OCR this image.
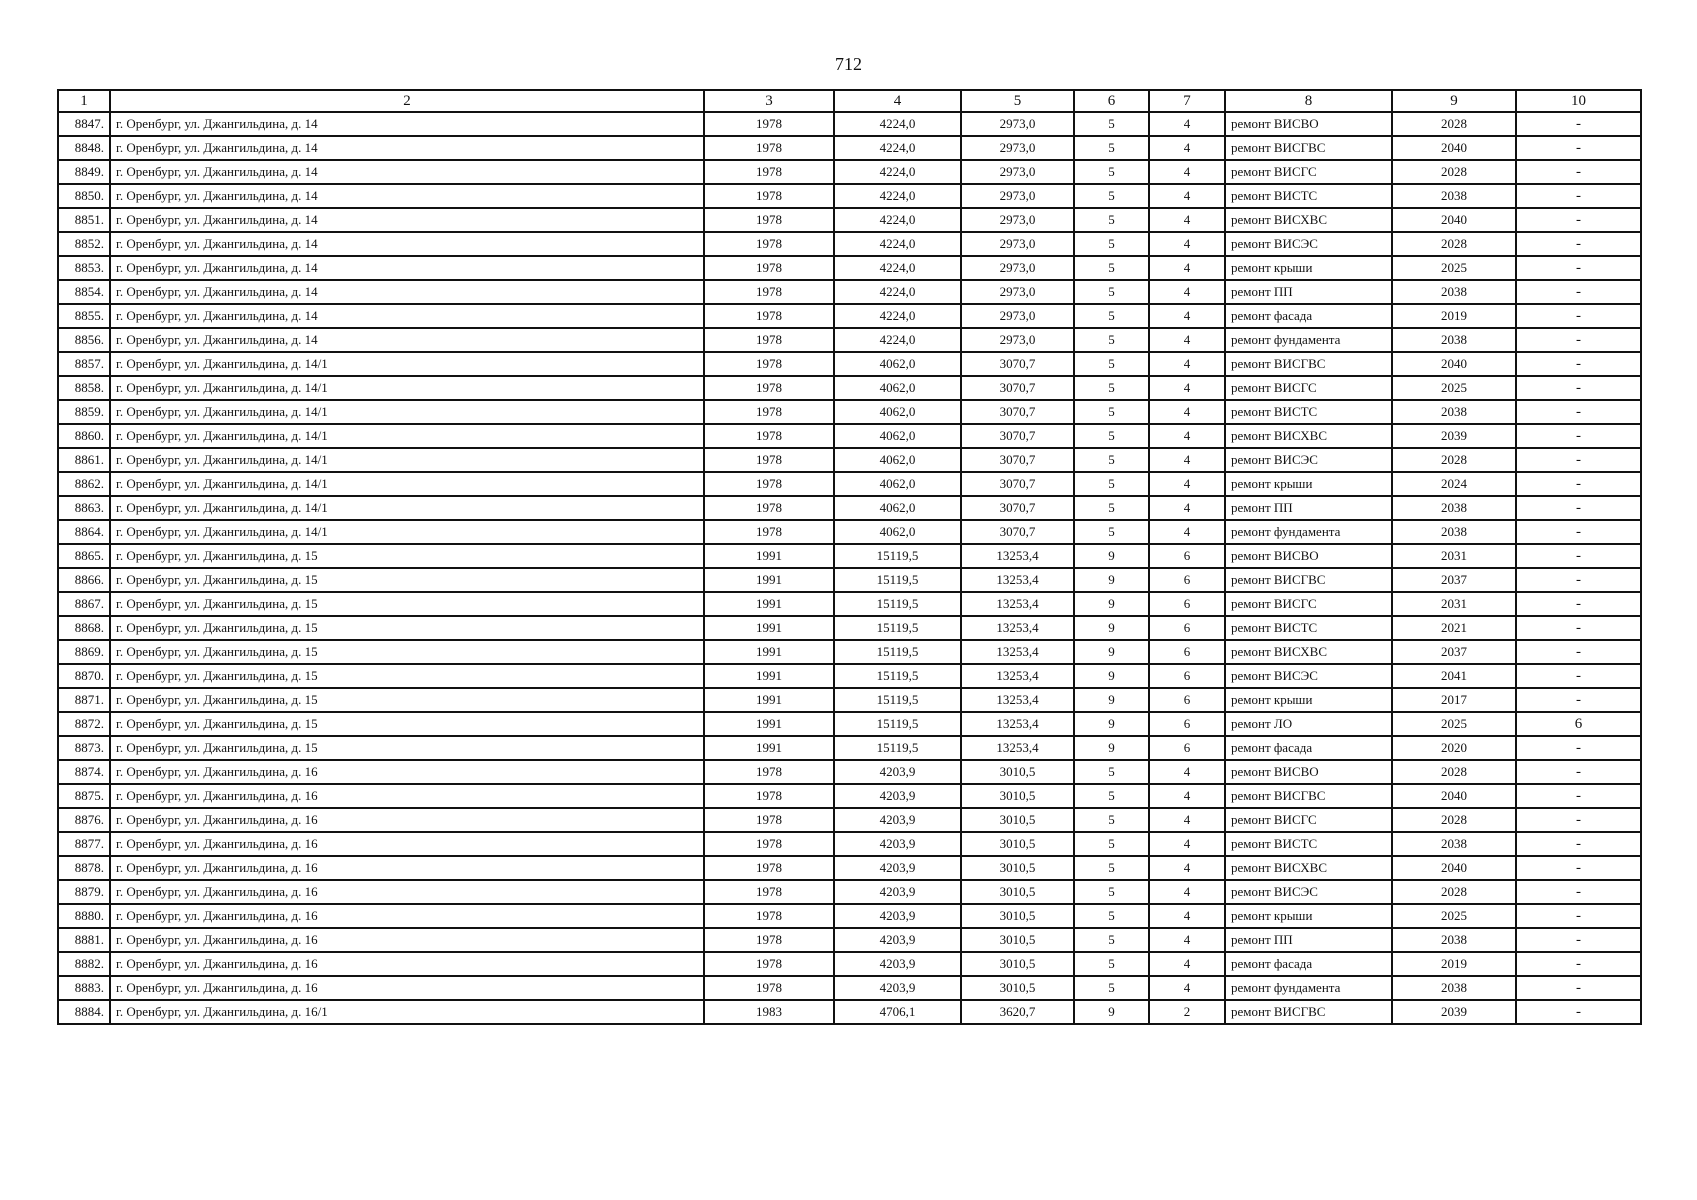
712
1	2	3	4	5	6	7	8	9	10
8847.	г. Оренбург, ул. Джангильдина, д. 14	1978	4224,0	2973,0	5	4	ремонт ВИСВО	2028	-
8848.	г. Оренбург, ул. Джангильдина, д. 14	1978	4224,0	2973,0	5	4	ремонт ВИСГВС	2040	-
8849.	г. Оренбург, ул. Джангильдина, д. 14	1978	4224,0	2973,0	5	4	ремонт ВИСГС	2028	-
8850.	г. Оренбург, ул. Джангильдина, д. 14	1978	4224,0	2973,0	5	4	ремонт ВИСТС	2038	-
8851.	г. Оренбург, ул. Джангильдина, д. 14	1978	4224,0	2973,0	5	4	ремонт ВИСХВС	2040	-
8852.	г. Оренбург, ул. Джангильдина, д. 14	1978	4224,0	2973,0	5	4	ремонт ВИСЭС	2028	-
8853.	г. Оренбург, ул. Джангильдина, д. 14	1978	4224,0	2973,0	5	4	ремонт крыши	2025	-
8854.	г. Оренбург, ул. Джангильдина, д. 14	1978	4224,0	2973,0	5	4	ремонт ПП	2038	-
8855.	г. Оренбург, ул. Джангильдина, д. 14	1978	4224,0	2973,0	5	4	ремонт фасада	2019	-
8856.	г. Оренбург, ул. Джангильдина, д. 14	1978	4224,0	2973,0	5	4	ремонт фундамента	2038	-
8857.	г. Оренбург, ул. Джангильдина, д. 14/1	1978	4062,0	3070,7	5	4	ремонт ВИСГВС	2040	-
8858.	г. Оренбург, ул. Джангильдина, д. 14/1	1978	4062,0	3070,7	5	4	ремонт ВИСГС	2025	-
8859.	г. Оренбург, ул. Джангильдина, д. 14/1	1978	4062,0	3070,7	5	4	ремонт ВИСТС	2038	-
8860.	г. Оренбург, ул. Джангильдина, д. 14/1	1978	4062,0	3070,7	5	4	ремонт ВИСХВС	2039	-
8861.	г. Оренбург, ул. Джангильдина, д. 14/1	1978	4062,0	3070,7	5	4	ремонт ВИСЭС	2028	-
8862.	г. Оренбург, ул. Джангильдина, д. 14/1	1978	4062,0	3070,7	5	4	ремонт крыши	2024	-
8863.	г. Оренбург, ул. Джангильдина, д. 14/1	1978	4062,0	3070,7	5	4	ремонт ПП	2038	-
8864.	г. Оренбург, ул. Джангильдина, д. 14/1	1978	4062,0	3070,7	5	4	ремонт фундамента	2038	-
8865.	г. Оренбург, ул. Джангильдина, д. 15	1991	15119,5	13253,4	9	6	ремонт ВИСВО	2031	-
8866.	г. Оренбург, ул. Джангильдина, д. 15	1991	15119,5	13253,4	9	6	ремонт ВИСГВС	2037	-
8867.	г. Оренбург, ул. Джангильдина, д. 15	1991	15119,5	13253,4	9	6	ремонт ВИСГС	2031	-
8868.	г. Оренбург, ул. Джангильдина, д. 15	1991	15119,5	13253,4	9	6	ремонт ВИСТС	2021	-
8869.	г. Оренбург, ул. Джангильдина, д. 15	1991	15119,5	13253,4	9	6	ремонт ВИСХВС	2037	-
8870.	г. Оренбург, ул. Джангильдина, д. 15	1991	15119,5	13253,4	9	6	ремонт ВИСЭС	2041	-
8871.	г. Оренбург, ул. Джангильдина, д. 15	1991	15119,5	13253,4	9	6	ремонт крыши	2017	-
8872.	г. Оренбург, ул. Джангильдина, д. 15	1991	15119,5	13253,4	9	6	ремонт ЛО	2025	6
8873.	г. Оренбург, ул. Джангильдина, д. 15	1991	15119,5	13253,4	9	6	ремонт фасада	2020	-
8874.	г. Оренбург, ул. Джангильдина, д. 16	1978	4203,9	3010,5	5	4	ремонт ВИСВО	2028	-
8875.	г. Оренбург, ул. Джангильдина, д. 16	1978	4203,9	3010,5	5	4	ремонт ВИСГВС	2040	-
8876.	г. Оренбург, ул. Джангильдина, д. 16	1978	4203,9	3010,5	5	4	ремонт ВИСГС	2028	-
8877.	г. Оренбург, ул. Джангильдина, д. 16	1978	4203,9	3010,5	5	4	ремонт ВИСТС	2038	-
8878.	г. Оренбург, ул. Джангильдина, д. 16	1978	4203,9	3010,5	5	4	ремонт ВИСХВС	2040	-
8879.	г. Оренбург, ул. Джангильдина, д. 16	1978	4203,9	3010,5	5	4	ремонт ВИСЭС	2028	-
8880.	г. Оренбург, ул. Джангильдина, д. 16	1978	4203,9	3010,5	5	4	ремонт крыши	2025	-
8881.	г. Оренбург, ул. Джангильдина, д. 16	1978	4203,9	3010,5	5	4	ремонт ПП	2038	-
8882.	г. Оренбург, ул. Джангильдина, д. 16	1978	4203,9	3010,5	5	4	ремонт фасада	2019	-
8883.	г. Оренбург, ул. Джангильдина, д. 16	1978	4203,9	3010,5	5	4	ремонт фундамента	2038	-
8884.	г. Оренбург, ул. Джангильдина, д. 16/1	1983	4706,1	3620,7	9	2	ремонт ВИСГВС	2039	-
